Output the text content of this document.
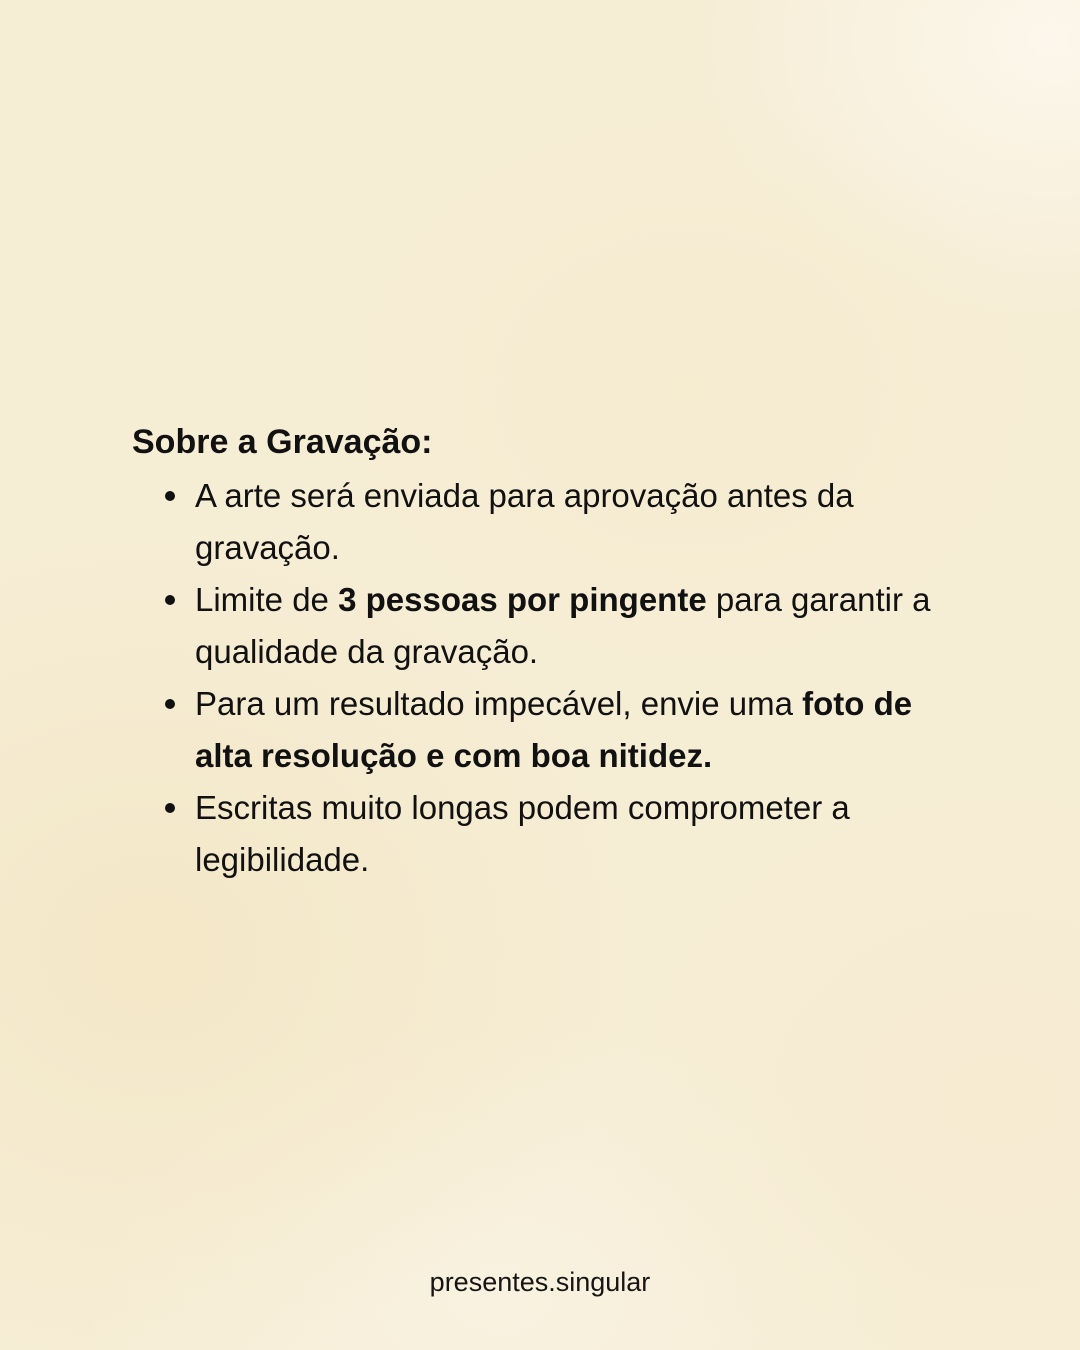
Sobre a Gravação:
A arte será enviada para aprovação antes da gravação.
Limite de 3 pessoas por pingente para garantir a qualidade da gravação.
Para um resultado impecável, envie uma foto de alta resolução e com boa nitidez.
Escritas muito longas podem comprometer a legibilidade.
presentes.singular
